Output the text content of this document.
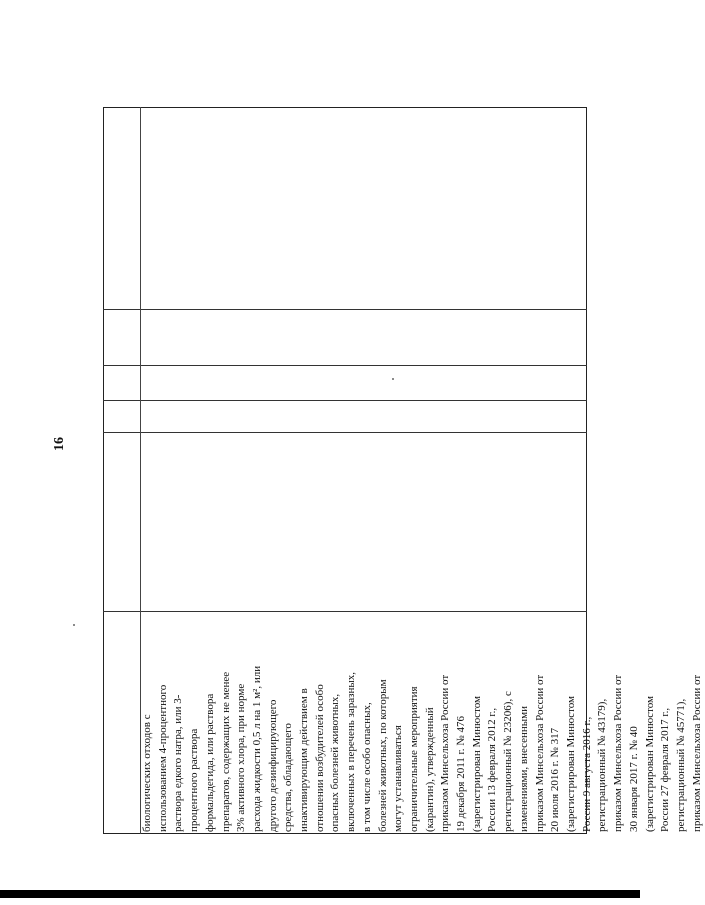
16
биологических отходов с использованием 4-процентного раствора едкого натра, или 3- процентного раствора формальдегида, или раствора препаратов, содержащих не менее 3% активного хлора, при норме расхода жидкости 0,5 л на 1 м², или другого дезинфицирующего средства, обладающего инактивирующим действием в отношении возбудителей особо опасных болезней животных, включенных в перечень заразных, в том числе особо опасных, болезней животных, по которым могут устанавливаться ограничительные мероприятия (карантин), утвержденный приказом Минсельхоза России от 19 декабря 2011 г. № 476 (зарегистрирован Минюстом России 13 февраля 2012 г., регистрационный № 23206), с изменениями, внесенными приказом Минсельхоза России от 20 июля 2016 г. № 317 (зарегистрирован Минюстом России 9 августа 2016 г., регистрационный № 43179), приказом Минсельхоза России от 30 января 2017 г. № 40 (зарегистрирован Минюстом России 27 февраля 2017 г., регистрационный № 45771), приказом Минсельхоза России от
